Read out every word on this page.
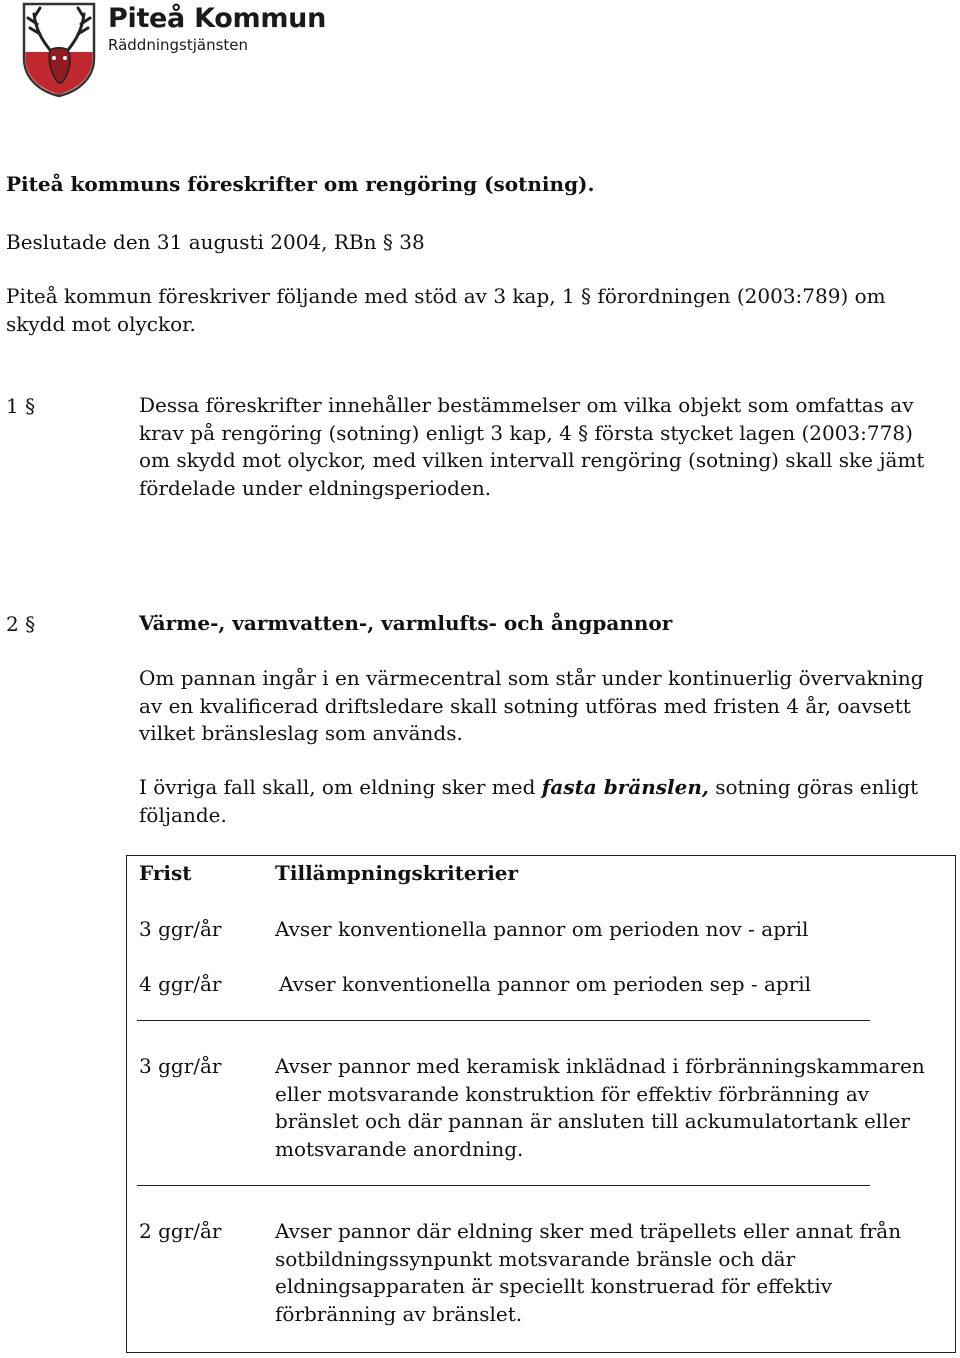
Piteå Kommun
Räddningstjänsten

Piteå kommuns föreskrifter om rengöring (sotning).

Beslutade den 31 augusti 2004, RBn § 38

Piteå kommun föreskriver följande med stöd av 3 kap, 1 § förordningen (2003:789) om skydd mot olyckor.

1 §	Dessa föreskrifter innehåller bestämmelser om vilka objekt som omfattas av krav på rengöring (sotning) enligt 3 kap, 4 § första stycket lagen (2003:778) om skydd mot olyckor, med vilken intervall rengöring (sotning) skall ske jämt fördelade under eldningsperioden.

2 §	Värme-, varmvatten-, varmlufts- och ångpannor

Om pannan ingår i en värmecentral som står under kontinuerlig övervakning av en kvalificerad driftsledare skall sotning utföras med fristen 4 år, oavsett vilket bränsleslag som används.

I övriga fall skall, om eldning sker med fasta bränslen, sotning göras enligt följande.

Frist	Tillämpningskriterier
3 ggr/år	Avser konventionella pannor om perioden nov - april
4 ggr/år	Avser konventionella pannor om perioden sep - april
3 ggr/år	Avser pannor med keramisk inklädnad i förbränningskammaren eller motsvarande konstruktion för effektiv förbränning av bränslet och där pannan är ansluten till ackumulatortank eller motsvarande anordning.
2 ggr/år	Avser pannor där eldning sker med träpellets eller annat från sotbildningssynpunkt motsvarande bränsle och där eldningsapparaten är speciellt konstruerad för effektiv förbränning av bränslet.
